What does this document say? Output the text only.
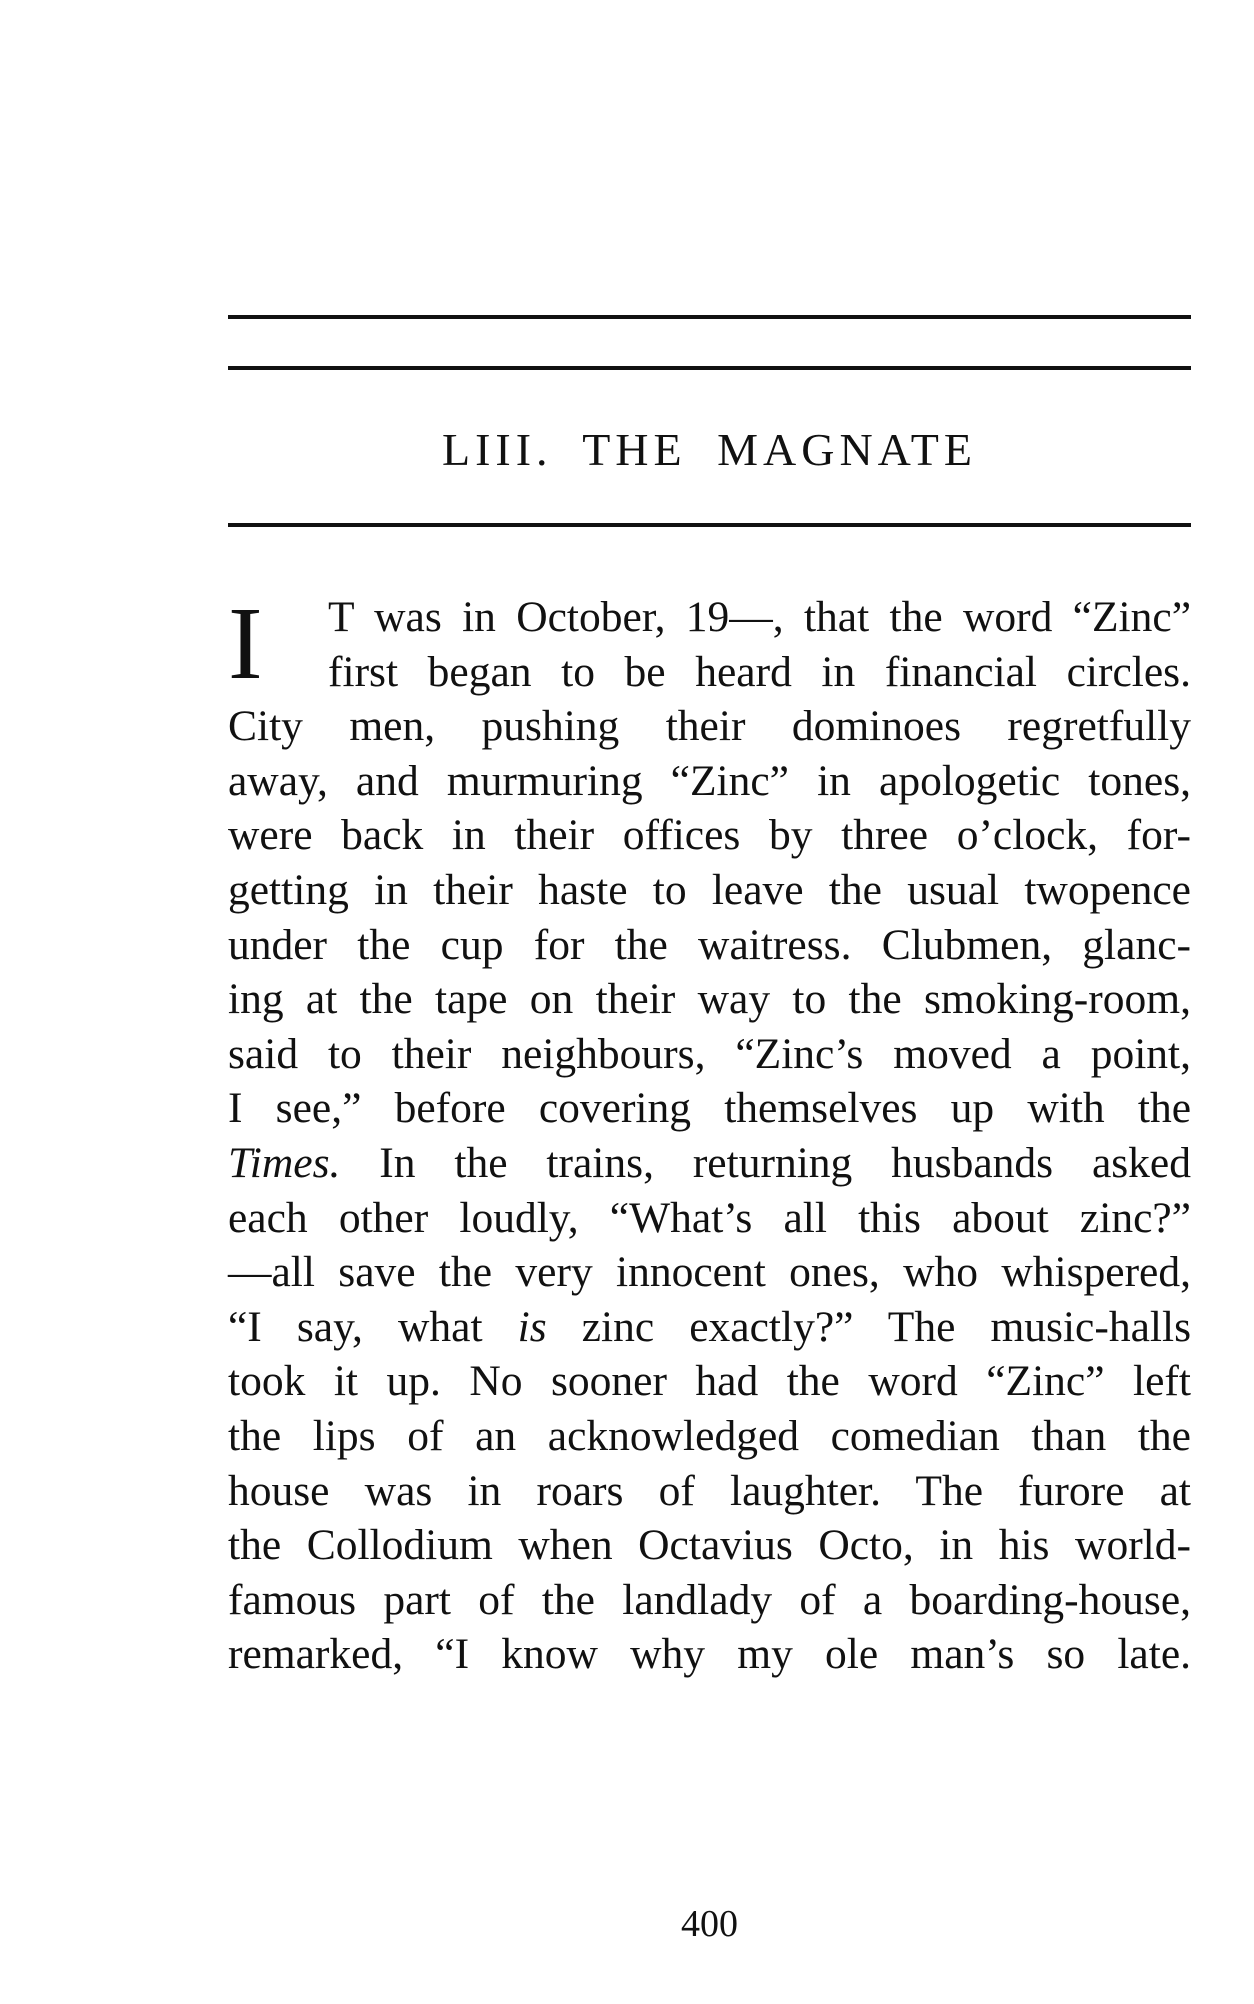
LIII. THE MAGNATE
I	T was in October, 19—, that the word “Zinc”
first began to be heard in financial circles.
City men, pushing their dominoes regretfully
away, and murmuring “Zinc” in apologetic tones,
were back in their offices by three o’clock, for-
getting in their haste to leave the usual twopence
under the cup for the waitress. Clubmen, glanc-
ing at the tape on their way to the smoking-room,
said to their neighbours, “Zinc’s moved a point,
I see,” before covering themselves up with the
Times. In the trains, returning husbands asked
each other loudly, “What’s all this about zinc?”
—all save the very innocent ones, who whispered,
“I say, what is zinc exactly?” The music-halls
took it up. No sooner had the word “Zinc” left
the lips of an acknowledged comedian than the
house was in roars of laughter. The furore at
the Collodium when Octavius Octo, in his world-
famous part of the landlady of a boarding-house,
remarked, “I know why my ole man’s so late.
400
